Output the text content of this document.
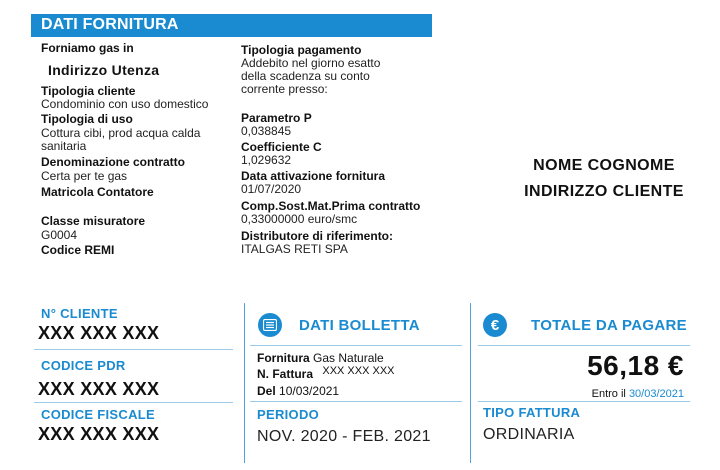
DATI FORNITURA
Forniamo gas in
Indirizzo Utenza
Tipologia cliente
Condominio con uso domestico
Tipologia di uso
Cottura cibi, prod acqua calda
sanitaria
Denominazione contratto
Certa per te gas
Matricola Contatore
Classe misuratore
G0004
Codice REMI
Tipologia pagamento
Addebito nel giorno esatto
della scadenza su conto
corrente presso:
Parametro P
0,038845
Coefficiente C
1,029632
Data attivazione fornitura
01/07/2020
Comp.Sost.Mat.Prima contratto
0,33000000 euro/smc
Distributore di riferimento:
ITALGAS RETI SPA
NOME COGNOME
INDIRIZZO CLIENTE
N° CLIENTE
XXX XXX XXX
CODICE PDR
XXX XXX XXX
CODICE FISCALE
XXX XXX XXX
DATI BOLLETTA
Fornitura Gas Naturale
N. Fattura XXX XXX XXX
Del 10/03/2021
PERIODO
NOV. 2020 - FEB. 2021
€ TOTALE DA PAGARE
56,18 €
Entro il 30/03/2021
TIPO FATTURA
ORDINARIA
